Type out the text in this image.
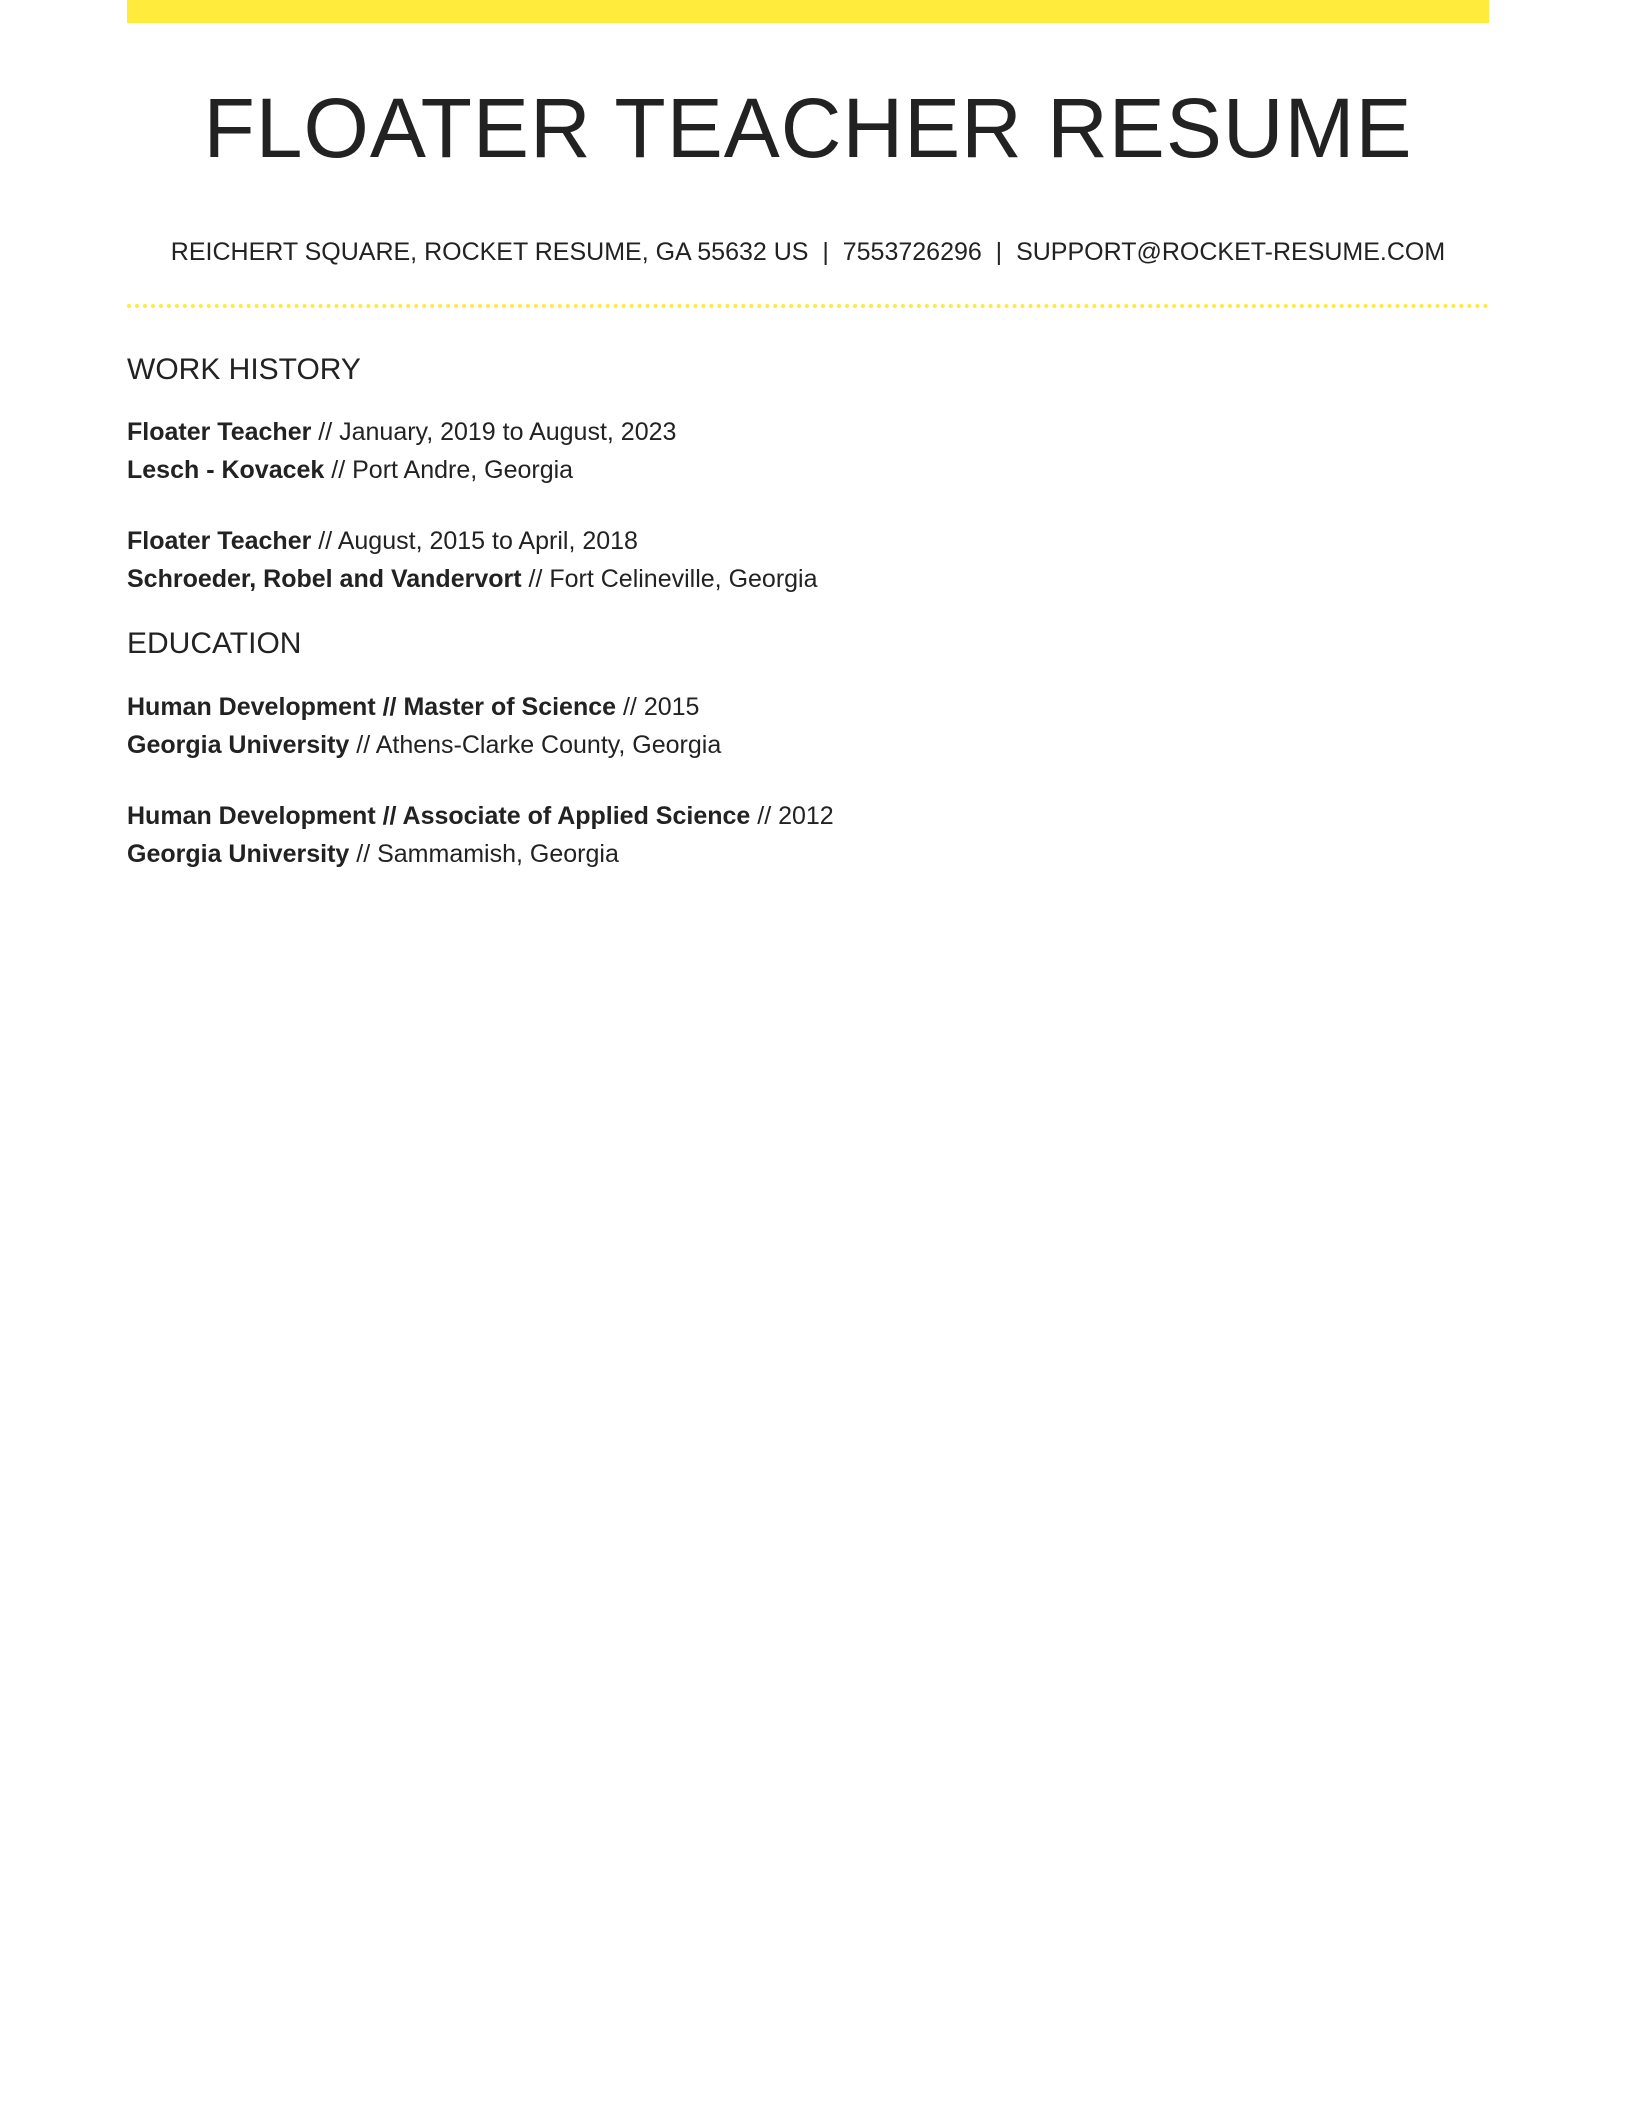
FLOATER TEACHER RESUME
REICHERT SQUARE, ROCKET RESUME, GA 55632 US  |  7553726296  |  SUPPORT@ROCKET-RESUME.COM
WORK HISTORY
Floater Teacher // January, 2019 to August, 2023
Lesch - Kovacek // Port Andre, Georgia
Floater Teacher // August, 2015 to April, 2018
Schroeder, Robel and Vandervort // Fort Celineville, Georgia
EDUCATION
Human Development // Master of Science // 2015
Georgia University // Athens-Clarke County, Georgia
Human Development // Associate of Applied Science // 2012
Georgia University // Sammamish, Georgia
